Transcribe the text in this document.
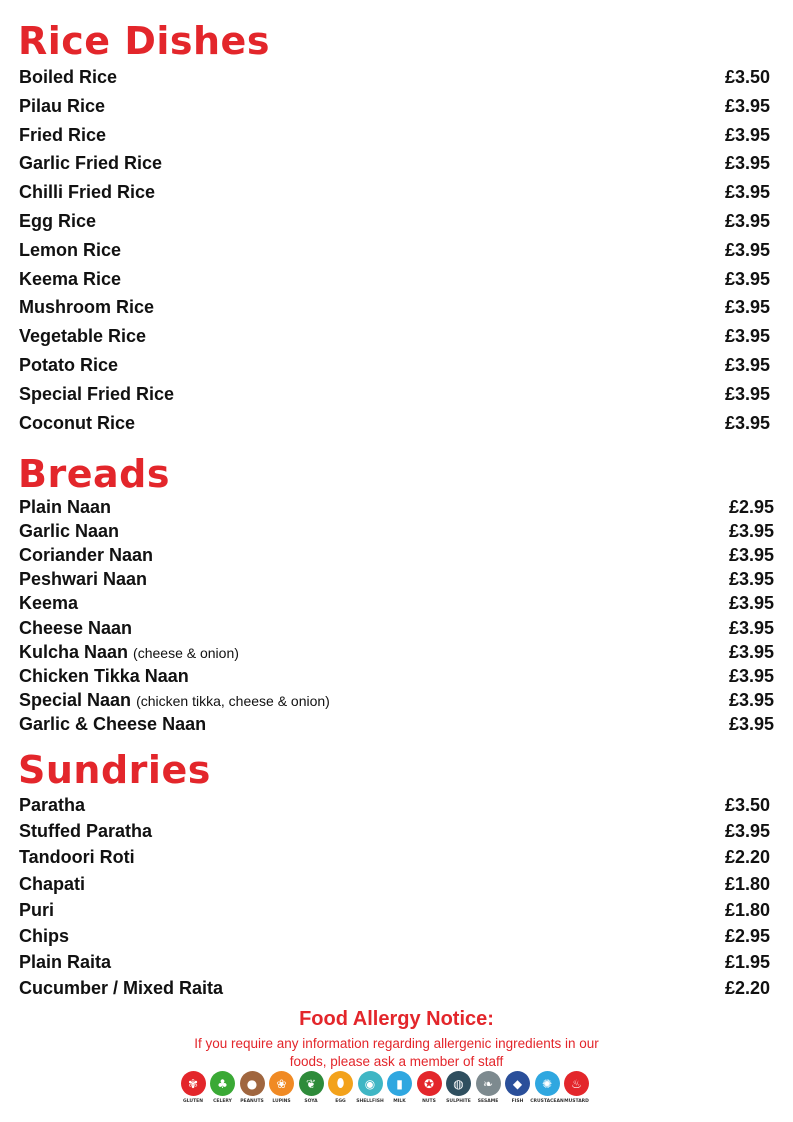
Rice Dishes
Boiled Rice	£3.50
Pilau Rice	£3.95
Fried Rice	£3.95
Garlic Fried Rice	£3.95
Chilli Fried Rice	£3.95
Egg Rice	£3.95
Lemon Rice	£3.95
Keema Rice	£3.95
Mushroom Rice	£3.95
Vegetable Rice	£3.95
Potato Rice	£3.95
Special Fried Rice	£3.95
Coconut Rice	£3.95
Breads
Plain Naan	£2.95
Garlic Naan	£3.95
Coriander Naan	£3.95
Peshwari Naan	£3.95
Keema	£3.95
Cheese Naan	£3.95
Kulcha Naan (cheese & onion)	£3.95
Chicken Tikka Naan	£3.95
Special Naan (chicken tikka, cheese & onion)	£3.95
Garlic & Cheese Naan	£3.95
Sundries
Paratha	£3.50
Stuffed Paratha	£3.95
Tandoori Roti	£2.20
Chapati	£1.80
Puri	£1.80
Chips	£2.95
Plain Raita	£1.95
Cucumber / Mixed Raita	£2.20
Food Allergy Notice:
If you require any information regarding allergenic ingredients in our
foods, please ask a member of staff
✾
GLUTEN
♣
CELERY
●
PEANUTS
❀
LUPINS
❦
SOYA
⬮
EGG
◉
SHELLFISH
▮
MILK
✪
NUTS
◍
SULPHITE
❧
SESAME
◆
FISH
✺
CRUSTACEAN
♨
MUSTARD
